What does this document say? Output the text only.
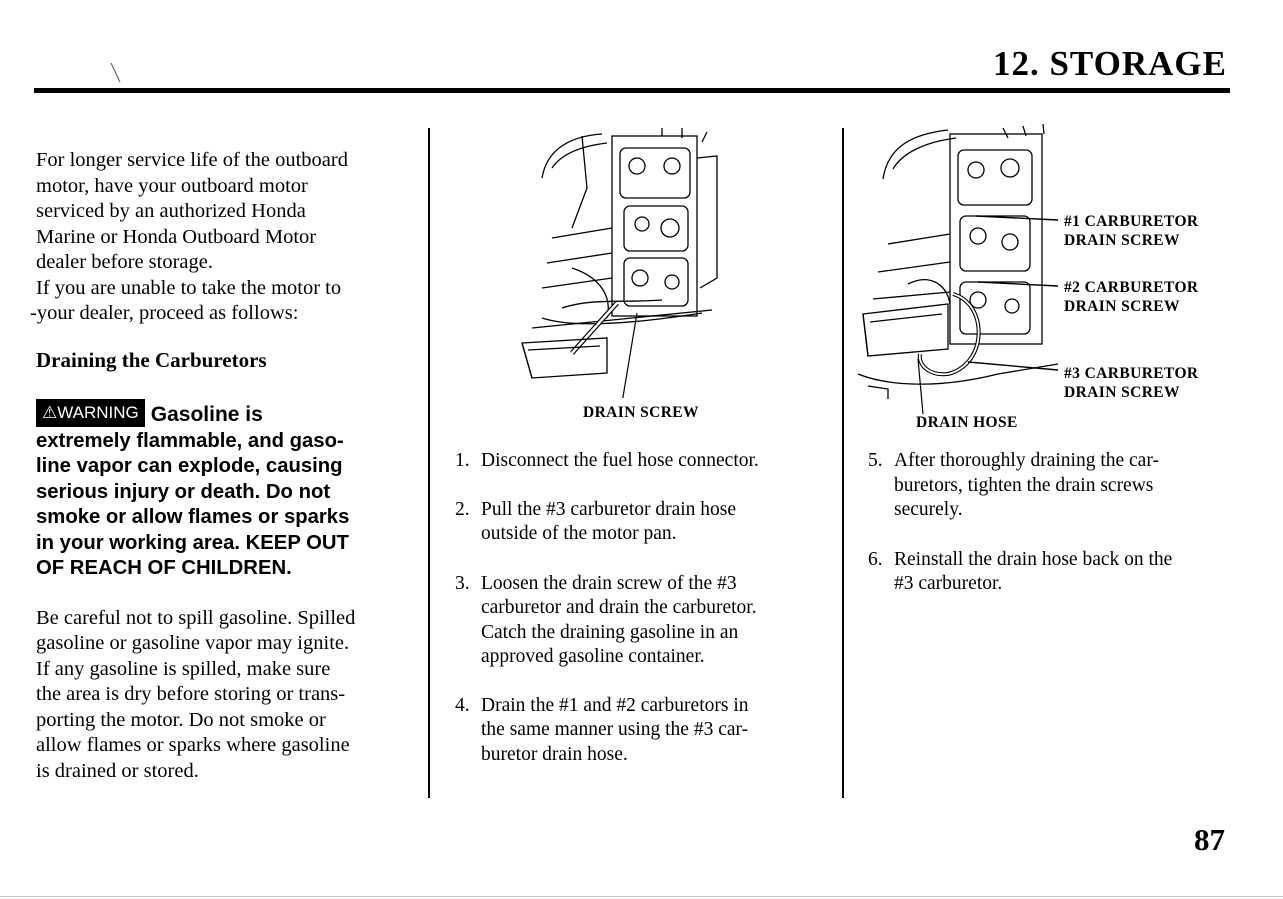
12. STORAGE

For longer service life of the outboard

motor, have your outboard motor

serviced by an authorized Honda

Marine or Honda Outboard Motor

dealer before storage.

If you are unable to take the motor to

-your dealer, proceed as follows:

Draining the Carburetors

⚠WARNING Gasoline is

extremely flammable, and gaso-

line vapor can explode, causing

serious injury or death. Do not

smoke or allow flames or sparks

in your working area. KEEP OUT

OF REACH OF CHILDREN.

Be careful not to spill gasoline. Spilled

gasoline or gasoline vapor may ignite.

If any gasoline is spilled, make sure

the area is dry before storing or trans-

porting the motor. Do not smoke or

allow flames or sparks where gasoline

is drained or stored.

DRAIN SCREW
1. Disconnect the fuel hose connector.
2. Pull the #3 carburetor drain hose
outside of the motor pan.
3. Loosen the drain screw of the #3
carburetor and drain the carburetor.
Catch the draining gasoline in an
approved gasoline container.
4. Drain the #1 and #2 carburetors in
the same manner using the #3 car-
buretor drain hose.
#1 CARBURETOR
DRAIN SCREW
#2 CARBURETOR
DRAIN SCREW
#3 CARBURETOR
DRAIN SCREW
DRAIN HOSE
5. After thoroughly draining the car-
buretors, tighten the drain screws
securely.
6. Reinstall the drain hose back on the
#3 carburetor.
87
